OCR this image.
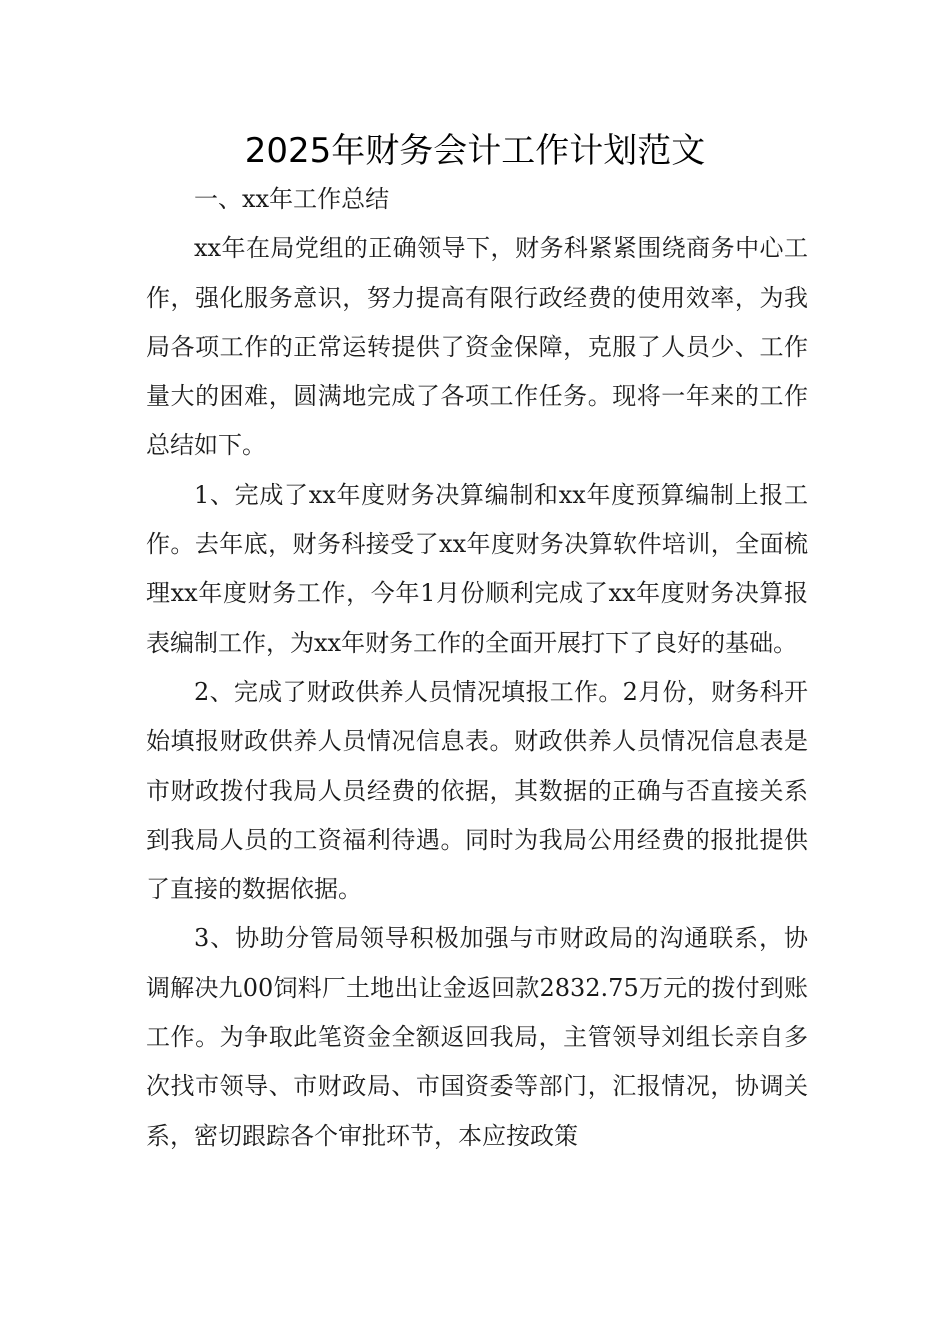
2025年财务会计工作计划范文

一、xx年工作总结

xx年在局党组的正确领导下，财务科紧紧围绕商务中心工作，强化服务意识，努力提高有限行政经费的使用效率，为我局各项工作的正常运转提供了资金保障，克服了人员少、工作量大的困难，圆满地完成了各项工作任务。现将一年来的工作总结如下。

1、完成了xx年度财务决算编制和xx年度预算编制上报工作。去年底，财务科接受了xx年度财务决算软件培训，全面梳理xx年度财务工作，今年1月份顺利完成了xx年度财务决算报表编制工作，为xx年财务工作的全面开展打下了良好的基础。

2、完成了财政供养人员情况填报工作。2月份，财务科开始填报财政供养人员情况信息表。财政供养人员情况信息表是市财政拨付我局人员经费的依据，其数据的正确与否直接关系到我局人员的工资福利待遇。同时为我局公用经费的报批提供了直接的数据依据。

3、协助分管局领导积极加强与市财政局的沟通联系，协调解决九00饲料厂土地出让金返回款2832.75万元的拨付到账工作。为争取此笔资金全额返回我局，主管领导刘组长亲自多次找市领导、市财政局、市国资委等部门，汇报情况，协调关系，密切跟踪各个审批环节，本应按政策
